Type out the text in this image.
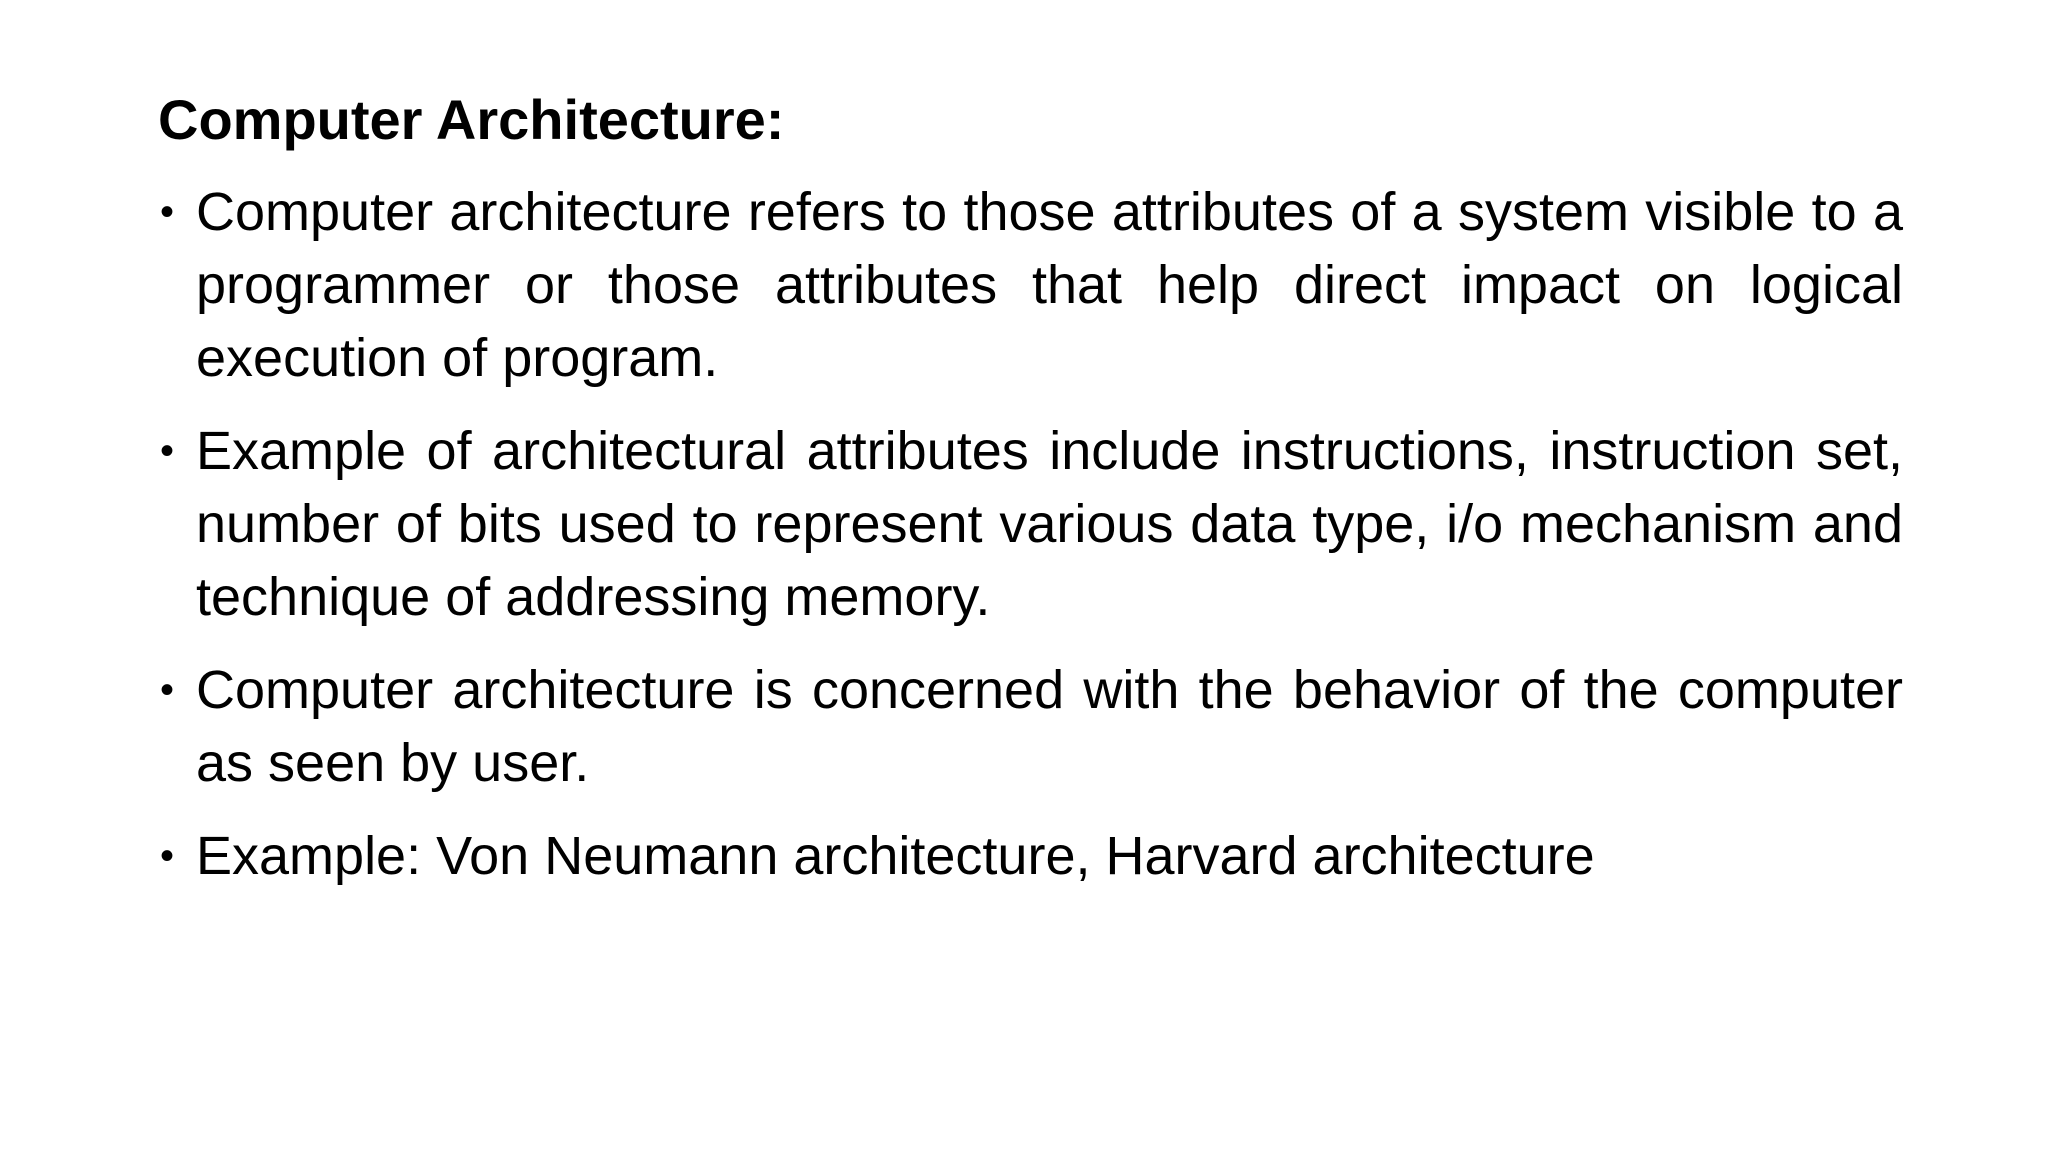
Computer Architecture:
• Computer architecture refers to those attributes of a system visible to a programmer or those attributes that help direct impact on logical execution of program.
• Example of architectural attributes include instructions, instruction set, number of bits used to represent various data type, i/o mechanism and technique of addressing memory.
• Computer architecture is concerned with the behavior of the computer as seen by user.
• Example: Von Neumann architecture, Harvard architecture
